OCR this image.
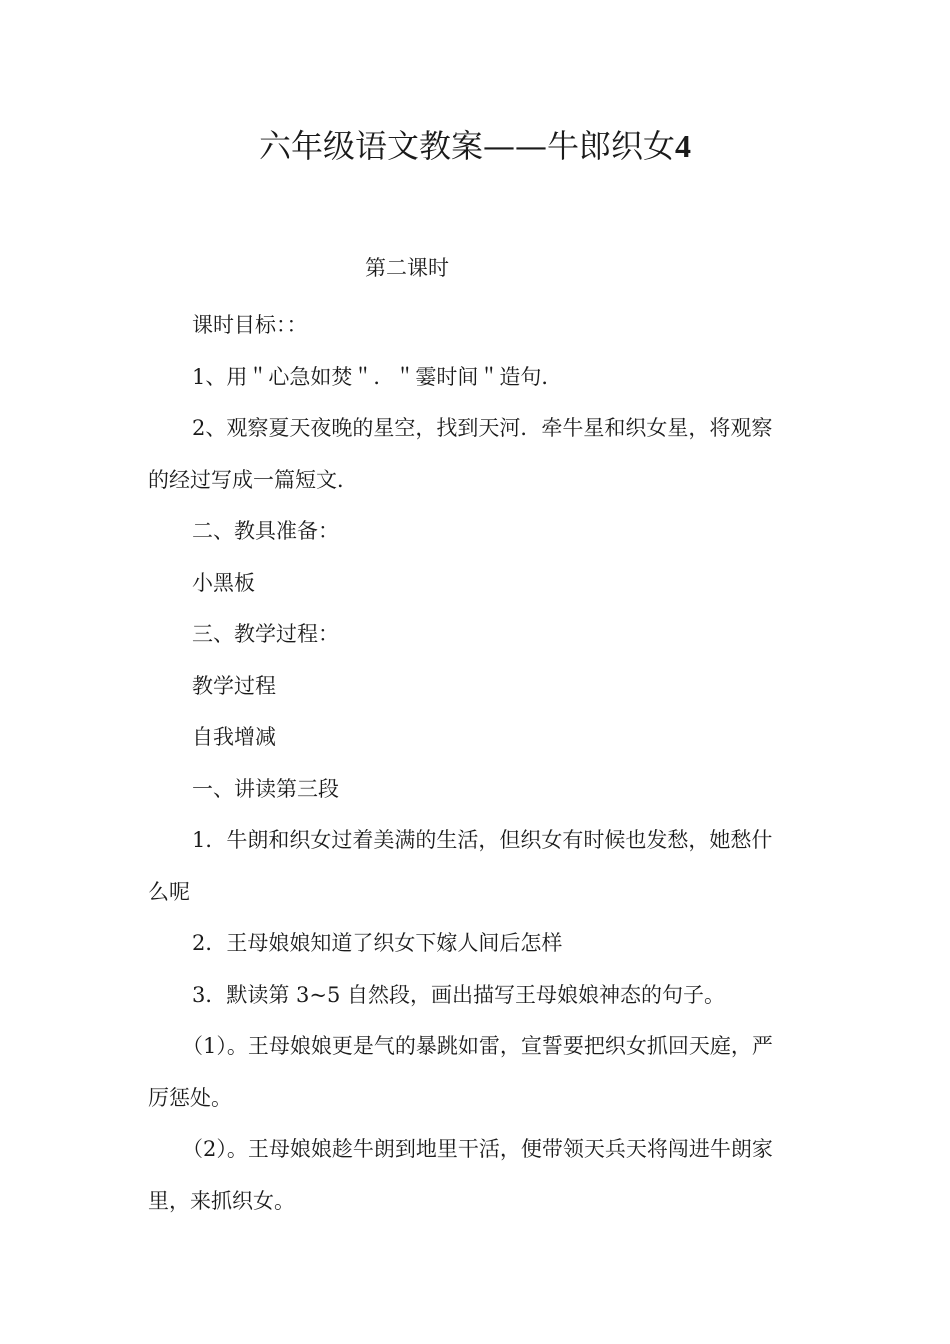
六年级语文教案——牛郎织女4
第二课时

课时目标：：

1、用＂心急如焚＂．＂霎时间＂造句．

2、观察夏天夜晚的星空，找到天河．牵牛星和织女星，将观察的经过写成一篇短文．

二、教具准备：

小黑板

三、教学过程：

教学过程

自我增减

一、讲读第三段

1．牛朗和织女过着美满的生活，但织女有时候也发愁，她愁什么呢

2．王母娘娘知道了织女下嫁人间后怎样

3．默读第 3~5 自然段，画出描写王母娘娘神态的句子。

（1）。王母娘娘更是气的暴跳如雷，宣誓要把织女抓回天庭，严厉惩处。

（2）。王母娘娘趁牛朗到地里干活，便带领天兵天将闯进牛朗家里，来抓织女。
